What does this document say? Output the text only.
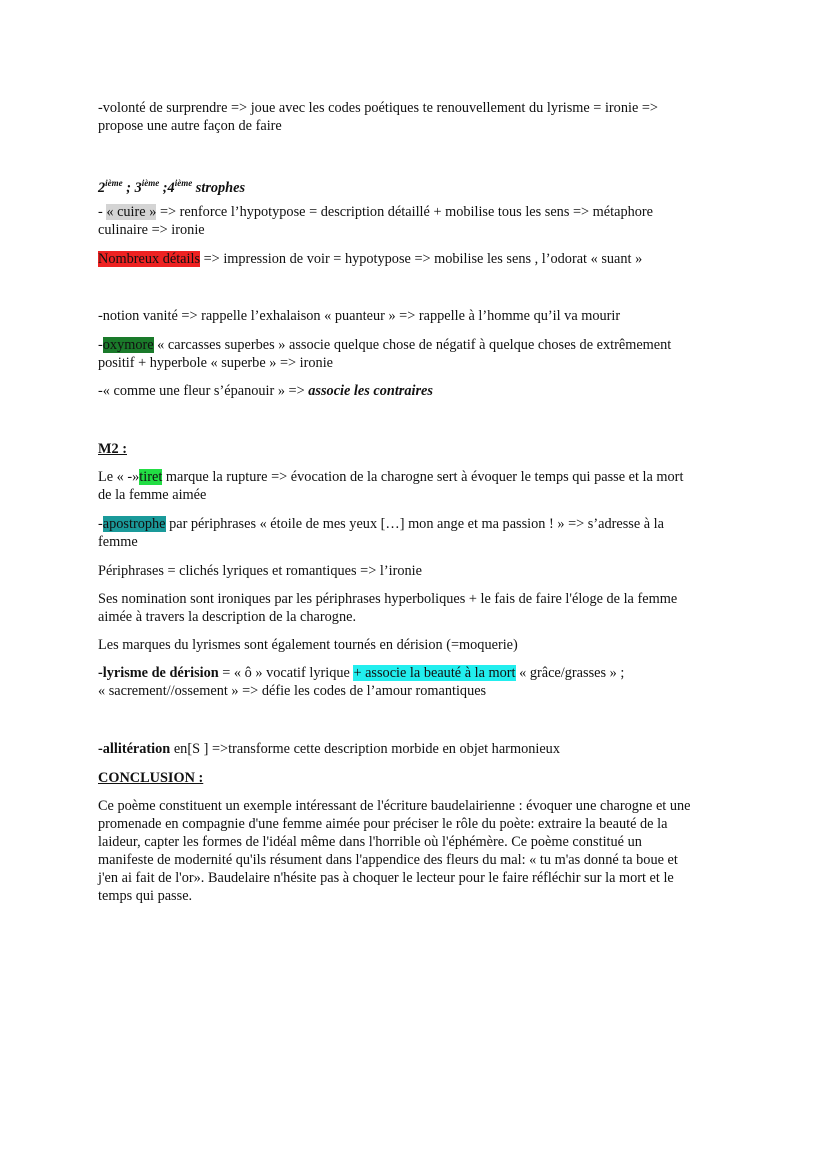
-volonté de surprendre => joue avec les codes poétiques te renouvellement du lyrisme = ironie =>
propose une autre façon de faire
2ième ; 3ième ;4ième strophes
- « cuire » => renforce l’hypotypose = description détaillé + mobilise tous les sens => métaphore
culinaire => ironie
Nombreux détails => impression de voir = hypotypose => mobilise les sens , l’odorat « suant »
-notion vanité => rappelle l’exhalaison « puanteur » => rappelle à l’homme qu’il va mourir
-oxymore « carcasses superbes » associe quelque chose de négatif à quelque choses de extrêmement
positif + hyperbole « superbe » => ironie
-« comme une fleur s’épanouir » => associe les contraires
M2 :
Le « -»tiret marque la rupture => évocation de la charogne sert à évoquer le temps qui passe et la mort
de la femme aimée
-apostrophe par périphrases « étoile de mes yeux […] mon ange et ma passion ! » => s’adresse à la
femme
Périphrases = clichés lyriques et romantiques => l’ironie
Ses nomination sont ironiques par les périphrases hyperboliques + le fais de faire l'éloge de la femme
aimée à travers la description de la charogne.
Les marques du lyrismes sont également tournés en dérision (=moquerie)
-lyrisme de dérision = « ô » vocatif lyrique + associe la beauté à la mort « grâce/grasses » ;
« sacrement//ossement » => défie les codes de l’amour romantiques
-allitération en[S ] =>transforme cette description morbide en objet harmonieux
CONCLUSION :
Ce poème constituent un exemple intéressant de l'écriture baudelairienne : évoquer une charogne et une
promenade en compagnie d'une femme aimée pour préciser le rôle du poète: extraire la beauté de la
laideur, capter les formes de l'idéal même dans l'horrible où l'éphémère. Ce poème constitué un
manifeste de modernité qu'ils résument dans l'appendice des fleurs du mal: « tu m'as donné ta boue et
j'en ai fait de l'or». Baudelaire n'hésite pas à choquer le lecteur pour le faire réfléchir sur la mort et le
temps qui passe.
